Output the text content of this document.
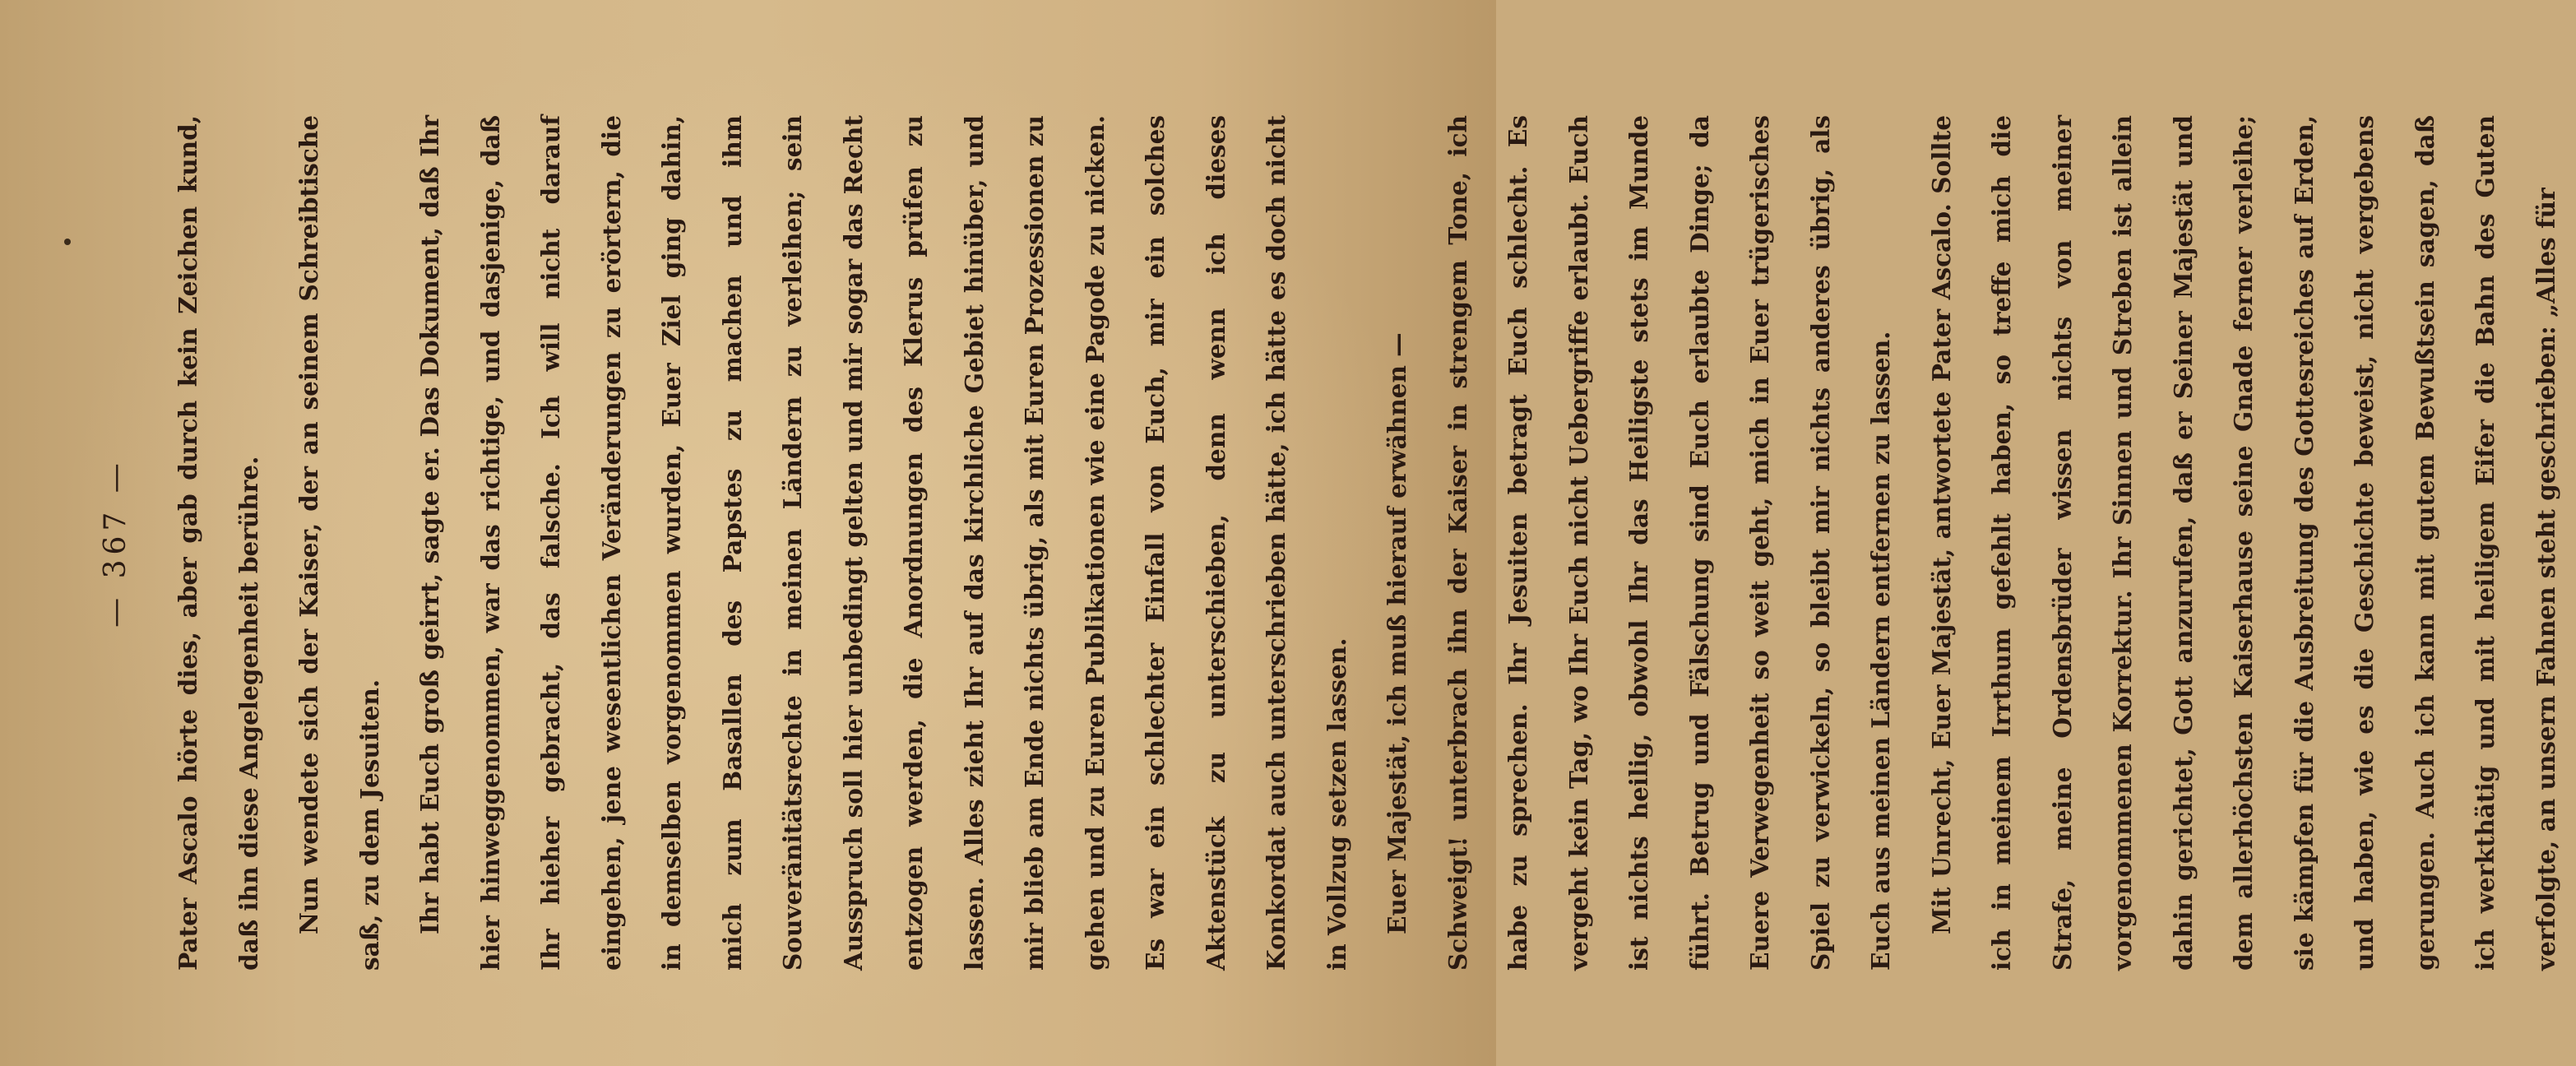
— 367 —	Pater Ascalo hörte dies, aber gab durch kein Zeichen kund, daß ihn diese Angelegenheit berühre.	Nun wendete sich der Kaiser, der an seinem Schreibtische saß, zu dem Jesuiten.	Ihr habt Euch groß geirrt, sagte er. Das Dokument, daß Ihr hier hinweggenommen, war das richtige, und dasjenige, daß Ihr hieher gebracht, das falsche. Ich will nicht darauf eingehen, jene wesentlichen Veränderungen zu erörtern, die in demselben vorgenommen wurden, Euer Ziel ging dahin, mich zum Basallen des Papstes zu machen und ihm Souveränitätsrechte in meinen Ländern zu verleihen; sein Ausspruch soll hier unbedingt gelten und mir sogar das Recht entzogen werden, die Anordnungen des Klerus prüfen zu lassen. Alles zieht Ihr auf das kirchliche Gebiet hinüber, und mir blieb am Ende nichts übrig, als mit Euren Prozessionen zu gehen und zu Euren Publikationen wie eine Pagode zu nicken. Es war ein schlechter Einfall von Euch, mir ein solches Aktenstück zu unterschieben, denn wenn ich dieses Konkordat auch unterschrieben hätte, ich hätte es doch nicht in Vollzug setzen lassen.	Euer Majestät, ich muß hierauf erwähnen —	Schweigt! unterbrach ihn der Kaiser in strengem Tone, ich habe zu sprechen. Ihr Jesuiten betragt Euch schlecht. Es vergeht kein Tag, wo Ihr Euch nicht Uebergriffe erlaubt. Euch ist nichts heilig, obwohl Ihr das Heiligste stets im Munde führt. Betrug und Fälschung sind Euch erlaubte Dinge; da Euere Verwegenheit so weit geht, mich in Euer trügerisches Spiel zu verwickeln, so bleibt mir nichts anderes übrig, als Euch aus meinen Ländern entfernen zu lassen.	Mit Unrecht, Euer Majestät, antwortete Pater Ascalo. Sollte ich in meinem Irrthum gefehlt haben, so treffe mich die Strafe, meine Ordensbrüder wissen nichts von meiner vorgenommenen Korrektur. Ihr Sinnen und Streben ist allein dahin gerichtet, Gott anzurufen, daß er Seiner Majestät und dem allerhöchsten Kaiserhause seine Gnade ferner verleihe; sie kämpfen für die Ausbreitung des Gottesreiches auf Erden, und haben, wie es die Geschichte beweist, nicht vergebens gerungen. Auch ich kann mit gutem Bewußtsein sagen, daß ich werkthätig und mit heiligem Eifer die Bahn des Guten verfolgte, an unsern Fahnen steht geschrieben: „Alles für
